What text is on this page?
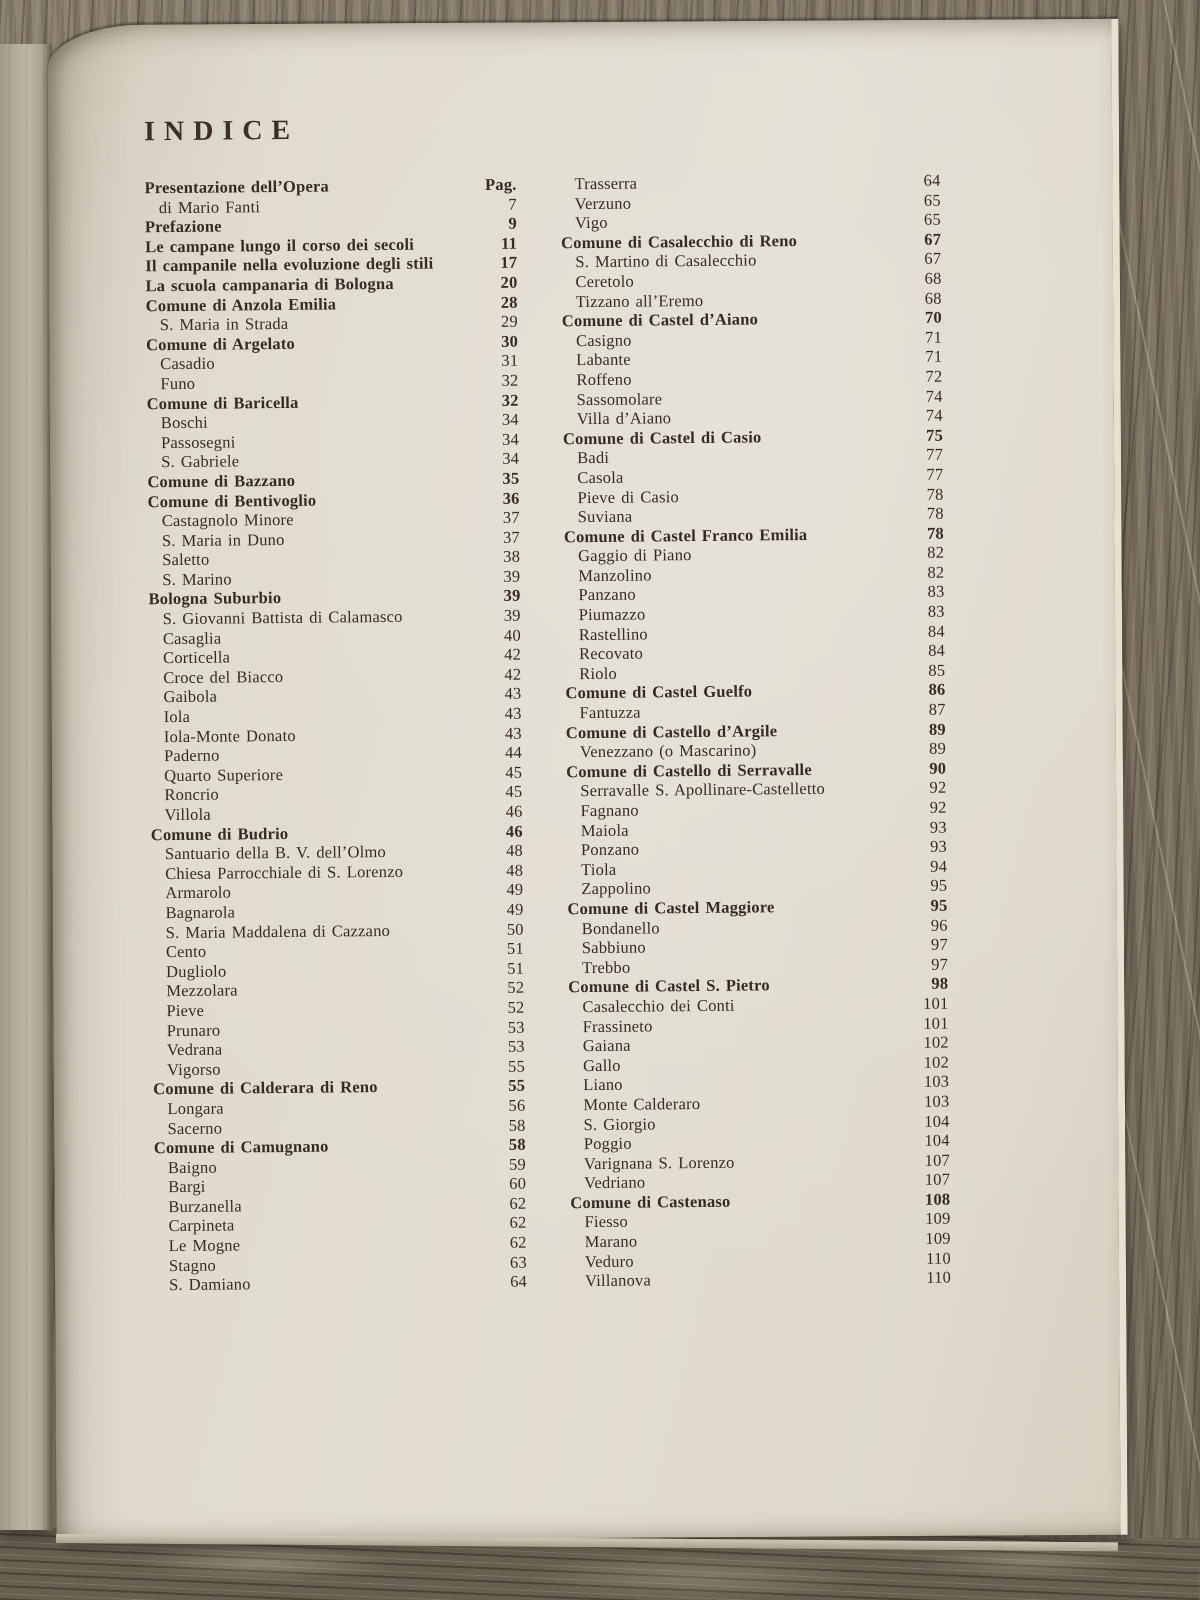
INDICE
Presentazione dell’Opera	Pag.
di Mario Fanti	7
Prefazione	9
Le campane lungo il corso dei secoli	11
Il campanile nella evoluzione degli stili	17
La scuola campanaria di Bologna	20
Comune di Anzola Emilia	28
S. Maria in Strada	29
Comune di Argelato	30
Casadio	31
Funo	32
Comune di Baricella	32
Boschi	34
Passosegni	34
S. Gabriele	34
Comune di Bazzano	35
Comune di Bentivoglio	36
Castagnolo Minore	37
S. Maria in Duno	37
Saletto	38
S. Marino	39
Bologna Suburbio	39
S. Giovanni Battista di Calamasco	39
Casaglia	40
Corticella	42
Croce del Biacco	42
Gaibola	43
Iola	43
Iola-Monte Donato	43
Paderno	44
Quarto Superiore	45
Roncrio	45
Villola	46
Comune di Budrio	46
Santuario della B. V. dell’Olmo	48
Chiesa Parrocchiale di S. Lorenzo	48
Armarolo	49
Bagnarola	49
S. Maria Maddalena di Cazzano	50
Cento	51
Dugliolo	51
Mezzolara	52
Pieve	52
Prunaro	53
Vedrana	53
Vigorso	55
Comune di Calderara di Reno	55
Longara	56
Sacerno	58
Comune di Camugnano	58
Baigno	59
Bargi	60
Burzanella	62
Carpineta	62
Le Mogne	62
Stagno	63
S. Damiano	64
Trasserra	64
Verzuno	65
Vigo	65
Comune di Casalecchio di Reno	67
S. Martino di Casalecchio	67
Ceretolo	68
Tizzano all’Eremo	68
Comune di Castel d’Aiano	70
Casigno	71
Labante	71
Roffeno	72
Sassomolare	74
Villa d’Aiano	74
Comune di Castel di Casio	75
Badi	77
Casola	77
Pieve di Casio	78
Suviana	78
Comune di Castel Franco Emilia	78
Gaggio di Piano	82
Manzolino	82
Panzano	83
Piumazzo	83
Rastellino	84
Recovato	84
Riolo	85
Comune di Castel Guelfo	86
Fantuzza	87
Comune di Castello d’Argile	89
Venezzano (o Mascarino)	89
Comune di Castello di Serravalle	90
Serravalle S. Apollinare-Castelletto	92
Fagnano	92
Maiola	93
Ponzano	93
Tiola	94
Zappolino	95
Comune di Castel Maggiore	95
Bondanello	96
Sabbiuno	97
Trebbo	97
Comune di Castel S. Pietro	98
Casalecchio dei Conti	101
Frassineto	101
Gaiana	102
Gallo	102
Liano	103
Monte Calderaro	103
S. Giorgio	104
Poggio	104
Varignana S. Lorenzo	107
Vedriano	107
Comune di Castenaso	108
Fiesso	109
Marano	109
Veduro	110
Villanova	110
